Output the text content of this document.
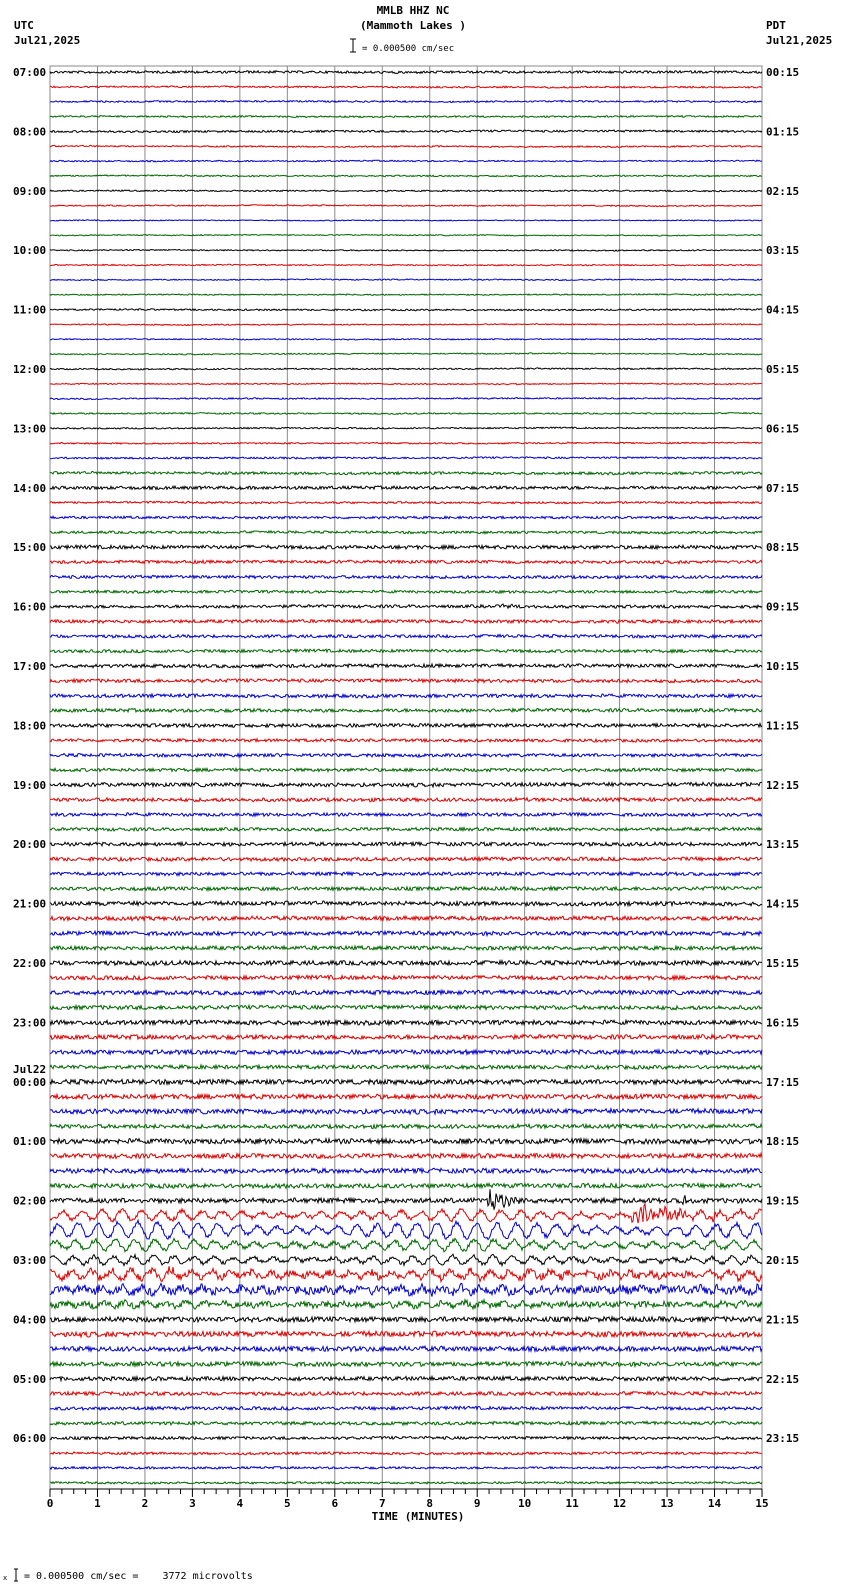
UTC
Jul21,2025
PDT
Jul21,2025
MMLB HHZ NC
(Mammoth Lakes )
= 0.000500 cm/sec
07:00
08:00
09:00
10:00
11:00
12:00
13:00
14:00
15:00
16:00
17:00
18:00
19:00
20:00
21:00
22:00
23:00
00:00
Jul22
01:00
02:00
03:00
04:00
05:00
06:00
00:15
01:15
02:15
03:15
04:15
05:15
06:15
07:15
08:15
09:15
10:15
11:15
12:15
13:15
14:15
15:15
16:15
17:15
18:15
19:15
20:15
21:15
22:15
23:15
0	1	2	3	4	5	6	7	8	9	10	11	12	13	14	15
TIME (MINUTES)
x = 0.000500 cm/sec =    3772 microvolts
